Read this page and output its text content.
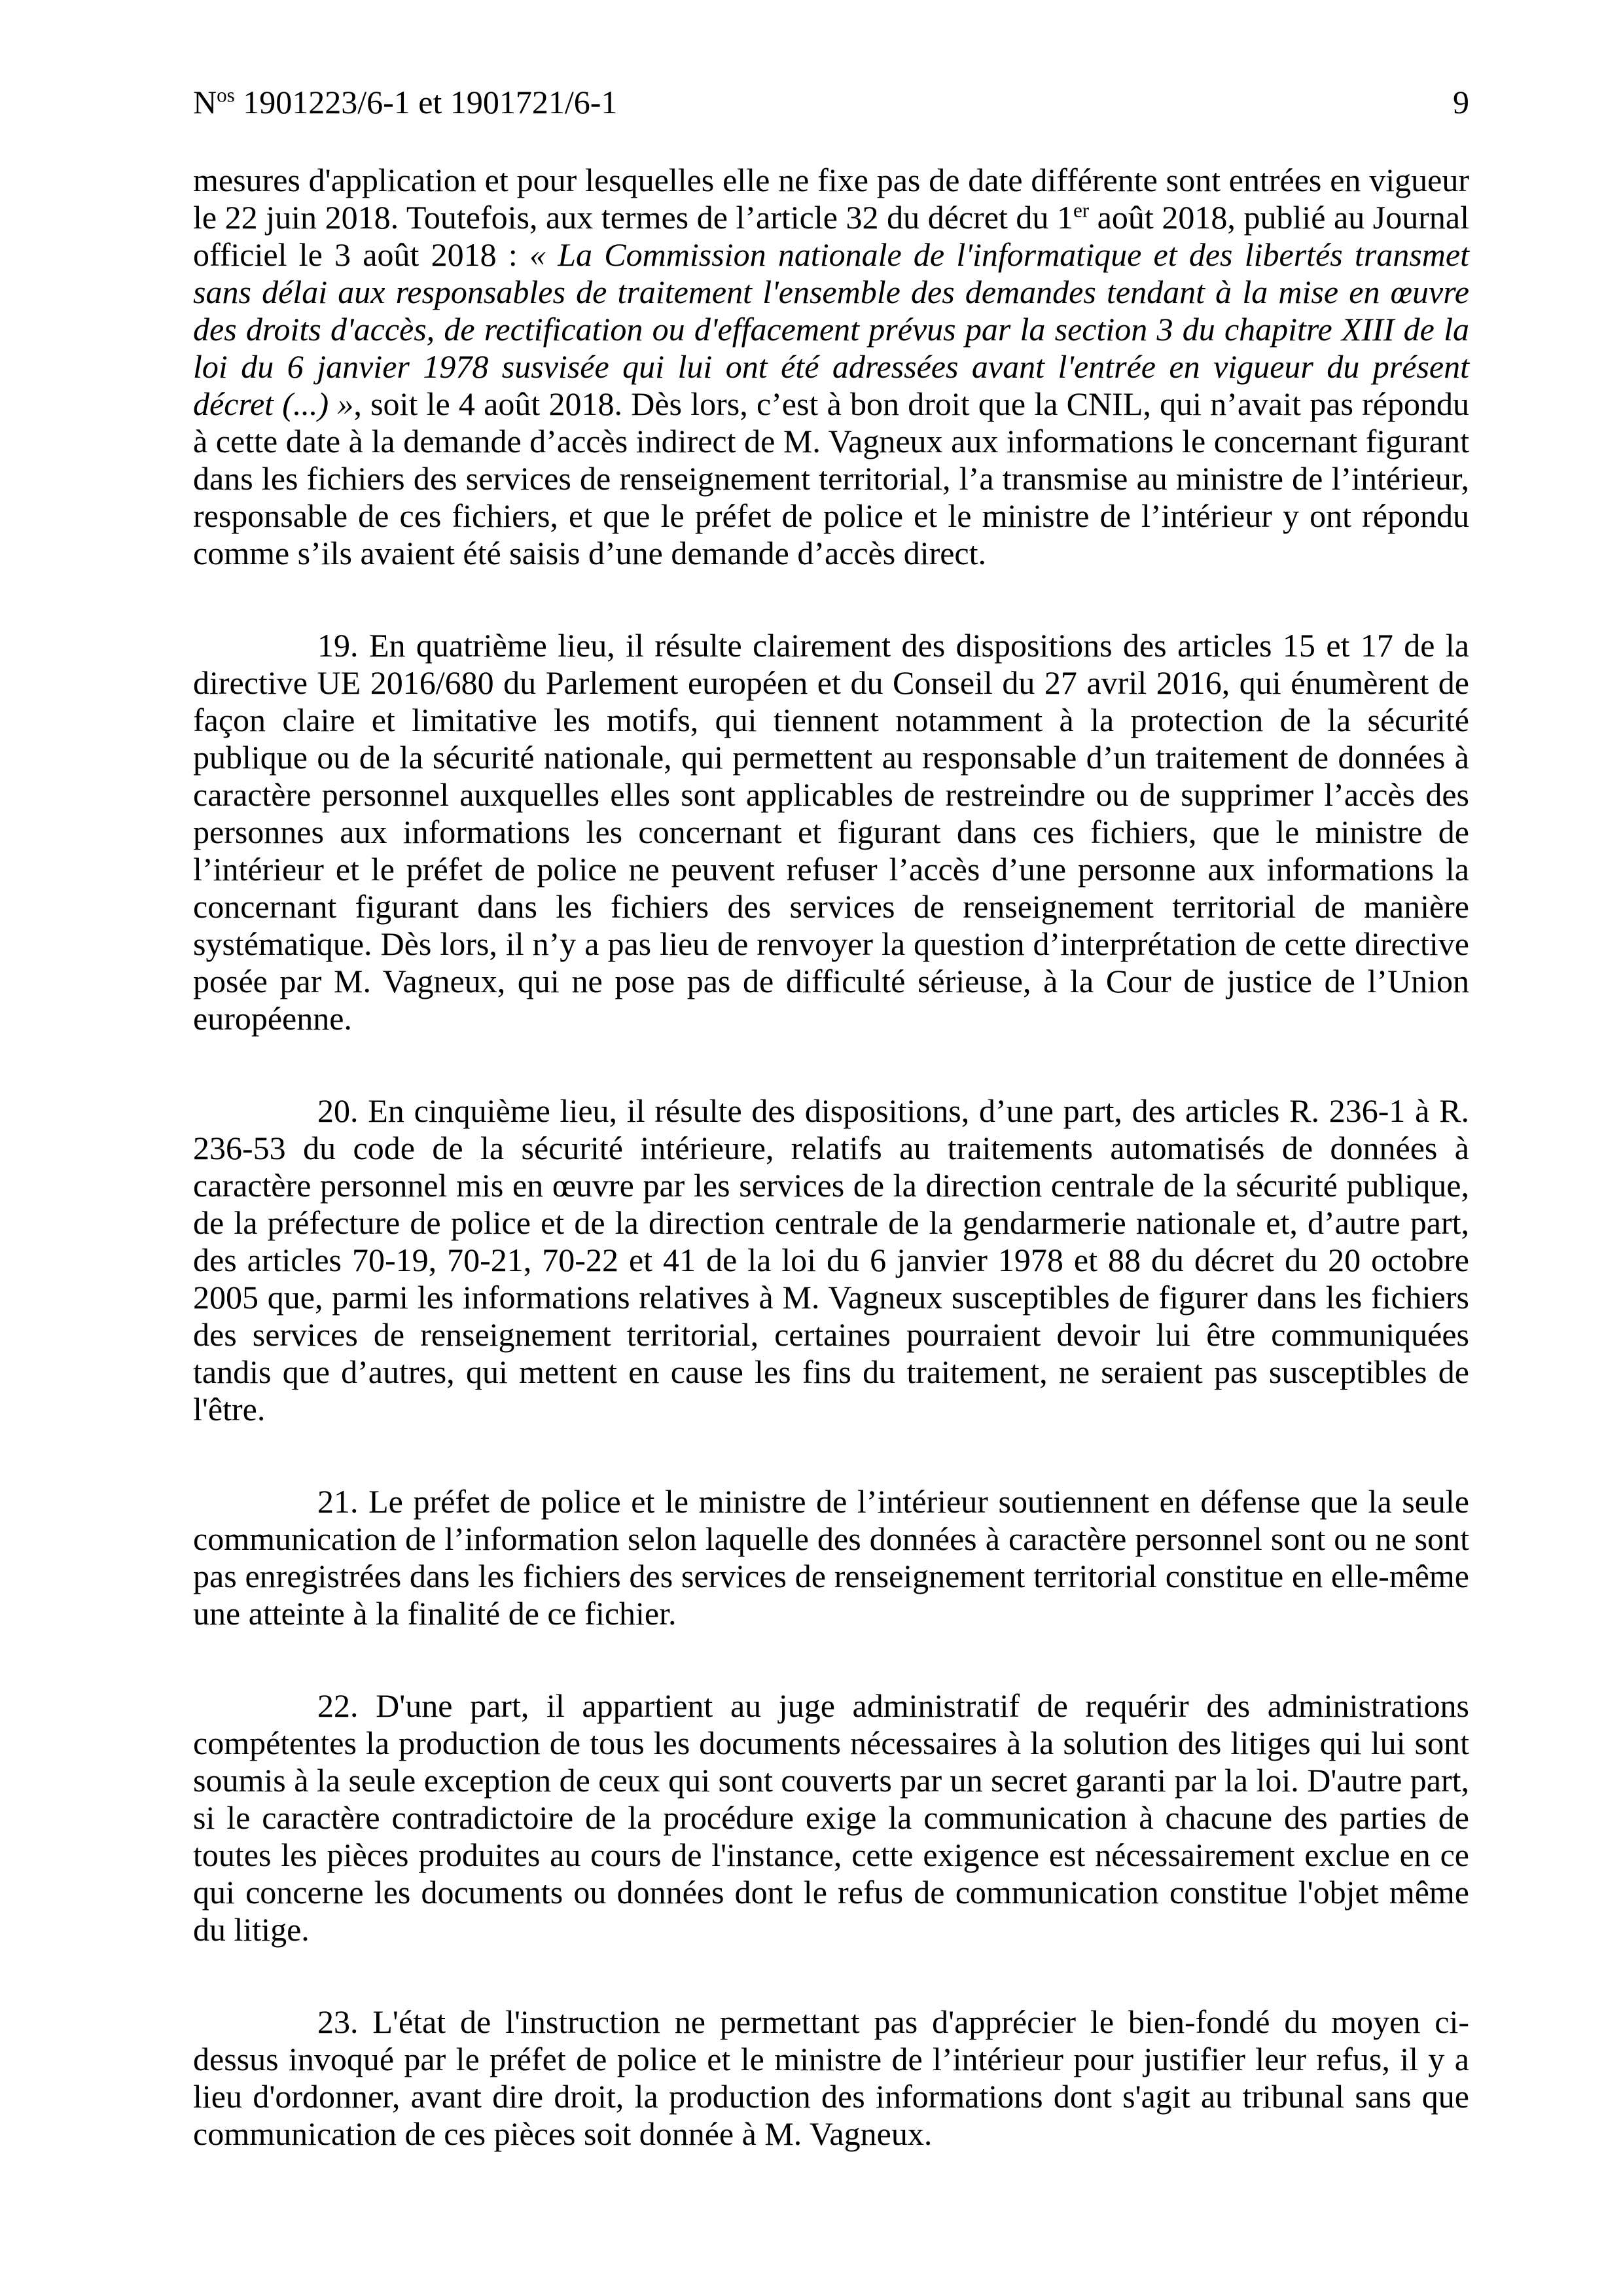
$N^{os}$ 1901223/6-1 et 1901721/6-1	9

mesures d'application et pour lesquelles elle ne fixe pas de date différente sont entrées en vigueur le 22 juin 2018. Toutefois, aux termes de l’article 32 du décret du 1er août 2018, publié au Journal officiel le 3 août 2018 : « La Commission nationale de l'informatique et des libertés transmet sans délai aux responsables de traitement l'ensemble des demandes tendant à la mise en œuvre des droits d'accès, de rectification ou d'effacement prévus par la section 3 du chapitre XIII de la loi du 6 janvier 1978 susvisée qui lui ont été adressées avant l'entrée en vigueur du présent décret (...) », soit le 4 août 2018. Dès lors, c’est à bon droit que la CNIL, qui n’avait pas répondu à cette date à la demande d’accès indirect de M. Vagneux aux informations le concernant figurant dans les fichiers des services de renseignement territorial, l’a transmise au ministre de l’intérieur, responsable de ces fichiers, et que le préfet de police et le ministre de l’intérieur y ont répondu comme s’ils avaient été saisis d’une demande d’accès direct.

19. En quatrième lieu, il résulte clairement des dispositions des articles 15 et 17 de la directive UE 2016/680 du Parlement européen et du Conseil du 27 avril 2016, qui énumèrent de façon claire et limitative les motifs, qui tiennent notamment à la protection de la sécurité publique ou de la sécurité nationale, qui permettent au responsable d’un traitement de données à caractère personnel auxquelles elles sont applicables de restreindre ou de supprimer l’accès des personnes aux informations les concernant et figurant dans ces fichiers, que le ministre de l’intérieur et le préfet de police ne peuvent refuser l’accès d’une personne aux informations la concernant figurant dans les fichiers des services de renseignement territorial de manière systématique. Dès lors, il n’y a pas lieu de renvoyer la question d’interprétation de cette directive posée par M. Vagneux, qui ne pose pas de difficulté sérieuse, à la Cour de justice de l’Union européenne.

20. En cinquième lieu, il résulte des dispositions, d’une part, des articles R. 236-1 à R. 236-53 du code de la sécurité intérieure, relatifs au traitements automatisés de données à caractère personnel mis en œuvre par les services de la direction centrale de la sécurité publique, de la préfecture de police et de la direction centrale de la gendarmerie nationale et, d’autre part, des articles 70-19, 70-21, 70-22 et 41 de la loi du 6 janvier 1978 et 88 du décret du 20 octobre 2005 que, parmi les informations relatives à M. Vagneux susceptibles de figurer dans les fichiers des services de renseignement territorial, certaines pourraient devoir lui être communiquées tandis que d’autres, qui mettent en cause les fins du traitement, ne seraient pas susceptibles de l'être.

21. Le préfet de police et le ministre de l’intérieur soutiennent en défense que la seule communication de l’information selon laquelle des données à caractère personnel sont ou ne sont pas enregistrées dans les fichiers des services de renseignement territorial constitue en elle-même une atteinte à la finalité de ce fichier.

22. D'une part, il appartient au juge administratif de requérir des administrations compétentes la production de tous les documents nécessaires à la solution des litiges qui lui sont soumis à la seule exception de ceux qui sont couverts par un secret garanti par la loi. D'autre part, si le caractère contradictoire de la procédure exige la communication à chacune des parties de toutes les pièces produites au cours de l'instance, cette exigence est nécessairement exclue en ce qui concerne les documents ou données dont le refus de communication constitue l'objet même du litige.

23. L'état de l'instruction ne permettant pas d'apprécier le bien-fondé du moyen ci-dessus invoqué par le préfet de police et le ministre de l’intérieur pour justifier leur refus, il y a lieu d'ordonner, avant dire droit, la production des informations dont s'agit au tribunal sans que communication de ces pièces soit donnée à M. Vagneux.
